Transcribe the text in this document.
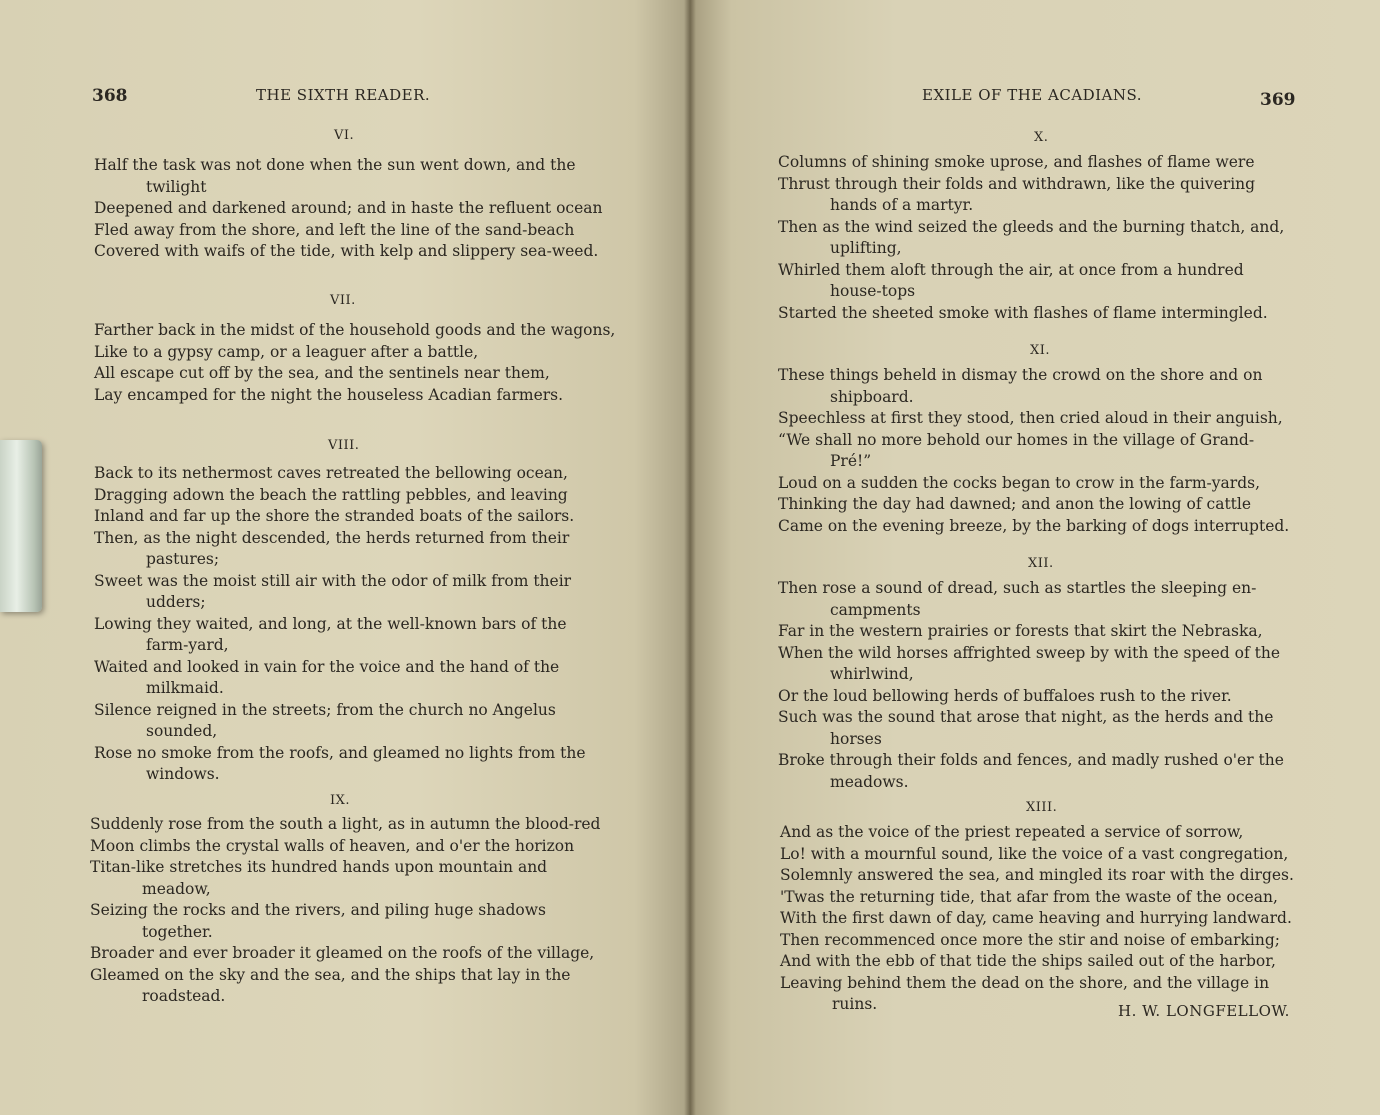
368	THE SIXTH READER.
VI.
Half the task was not done when the sun went down, and the
twilight
Deepened and darkened around; and in haste the refluent ocean
Fled away from the shore, and left the line of the sand-beach
Covered with waifs of the tide, with kelp and slippery sea-weed.
VII.
Farther back in the midst of the household goods and the wagons,
Like to a gypsy camp, or a leaguer after a battle,
All escape cut off by the sea, and the sentinels near them,
Lay encamped for the night the houseless Acadian farmers.
VIII.
Back to its nethermost caves retreated the bellowing ocean,
Dragging adown the beach the rattling pebbles, and leaving
Inland and far up the shore the stranded boats of the sailors.
Then, as the night descended, the herds returned from their
pastures;
Sweet was the moist still air with the odor of milk from their
udders;
Lowing they waited, and long, at the well-known bars of the
farm-yard,
Waited and looked in vain for the voice and the hand of the
milkmaid.
Silence reigned in the streets; from the church no Angelus
sounded,
Rose no smoke from the roofs, and gleamed no lights from the
windows.
IX.
Suddenly rose from the south a light, as in autumn the blood-red
Moon climbs the crystal walls of heaven, and o'er the horizon
Titan-like stretches its hundred hands upon mountain and
meadow,
Seizing the rocks and the rivers, and piling huge shadows
together.
Broader and ever broader it gleamed on the roofs of the village,
Gleamed on the sky and the sea, and the ships that lay in the
roadstead.
EXILE OF THE ACADIANS.	369
X.
Columns of shining smoke uprose, and flashes of flame were
Thrust through their folds and withdrawn, like the quivering
hands of a martyr.
Then as the wind seized the gleeds and the burning thatch, and,
uplifting,
Whirled them aloft through the air, at once from a hundred
house-tops
Started the sheeted smoke with flashes of flame intermingled.
XI.
These things beheld in dismay the crowd on the shore and on
shipboard.
Speechless at first they stood, then cried aloud in their anguish,
“We shall no more behold our homes in the village of Grand-
Pré!”
Loud on a sudden the cocks began to crow in the farm-yards,
Thinking the day had dawned; and anon the lowing of cattle
Came on the evening breeze, by the barking of dogs interrupted.
XII.
Then rose a sound of dread, such as startles the sleeping en-
campments
Far in the western prairies or forests that skirt the Nebraska,
When the wild horses affrighted sweep by with the speed of the
whirlwind,
Or the loud bellowing herds of buffaloes rush to the river.
Such was the sound that arose that night, as the herds and the
horses
Broke through their folds and fences, and madly rushed o'er the
meadows.
XIII.
And as the voice of the priest repeated a service of sorrow,
Lo! with a mournful sound, like the voice of a vast congregation,
Solemnly answered the sea, and mingled its roar with the dirges.
'Twas the returning tide, that afar from the waste of the ocean,
With the first dawn of day, came heaving and hurrying landward.
Then recommenced once more the stir and noise of embarking;
And with the ebb of that tide the ships sailed out of the harbor,
Leaving behind them the dead on the shore, and the village in
ruins.	H. W. LONGFELLOW.
